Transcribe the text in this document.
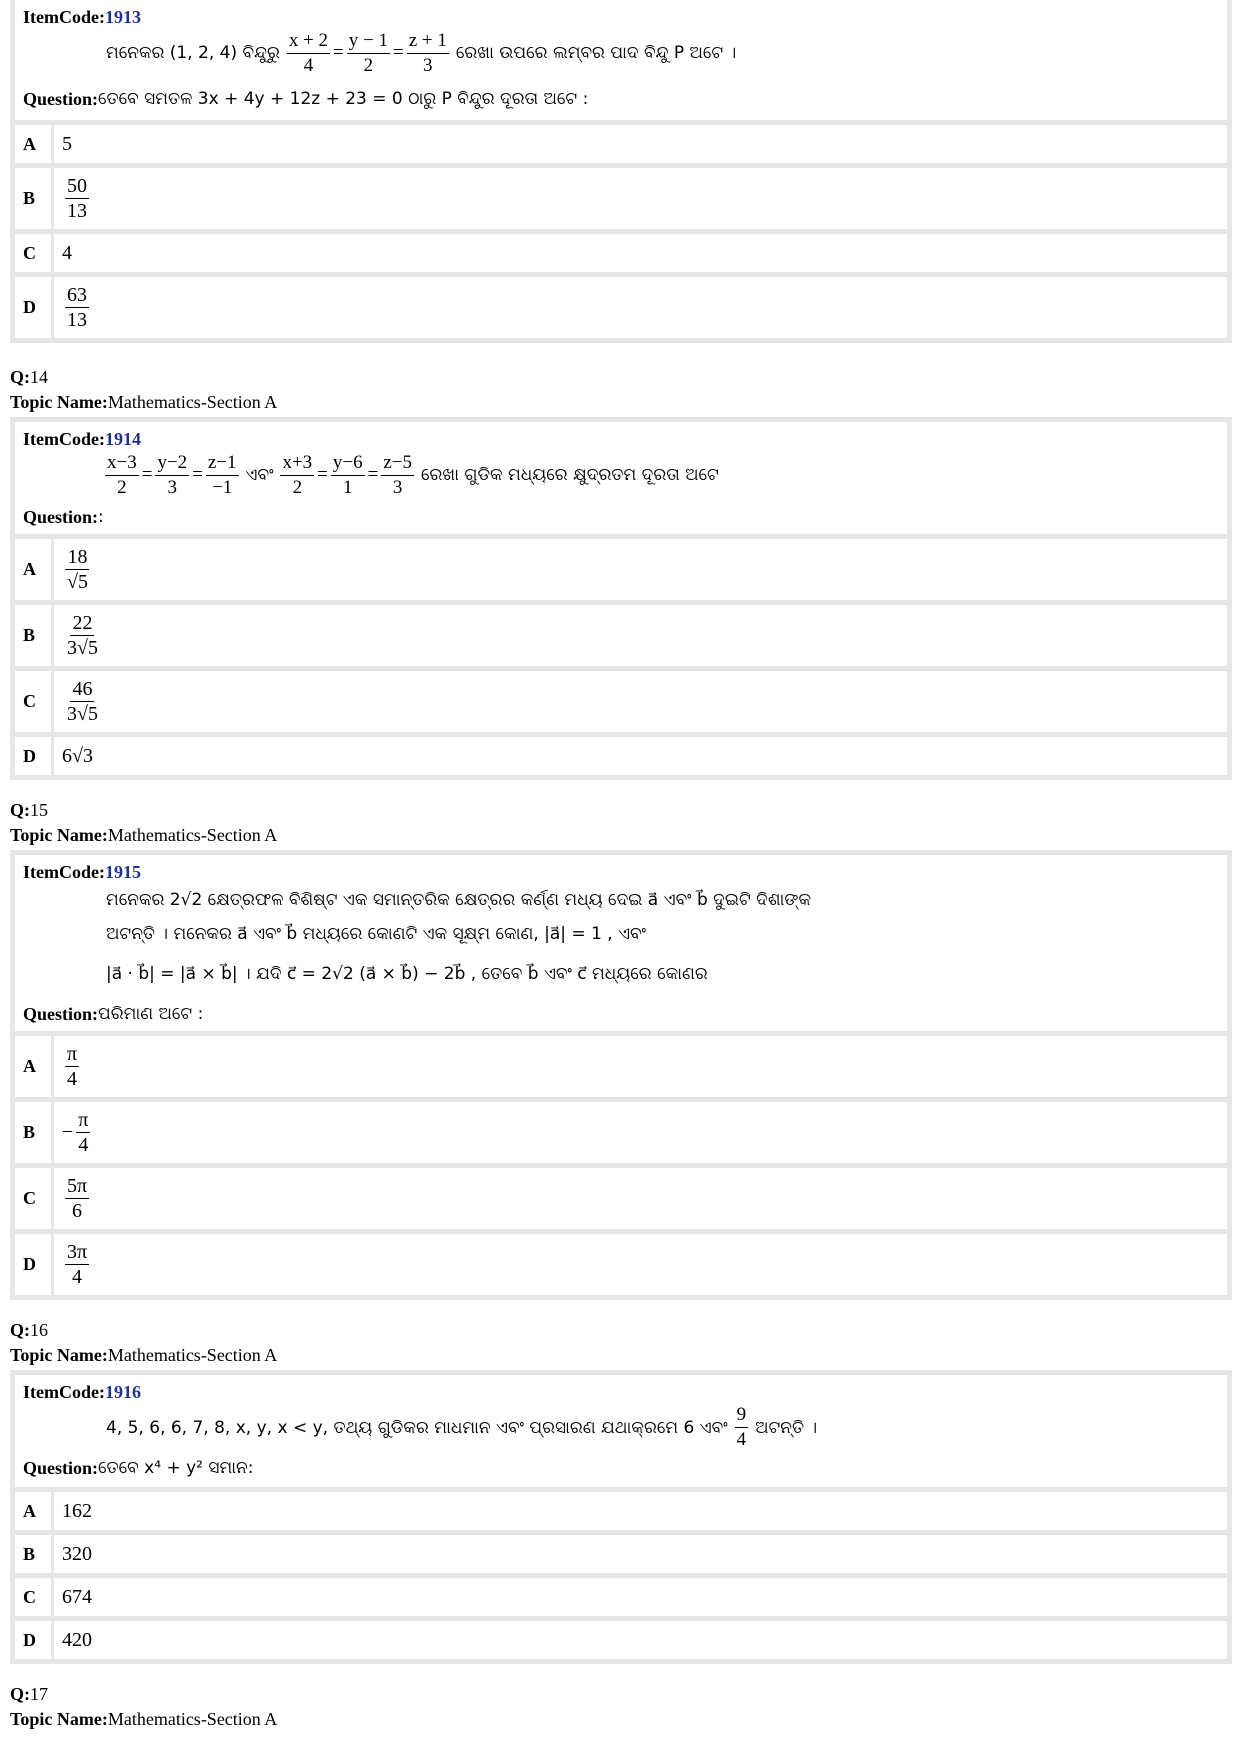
ItemCode:1913
ମନେକର (1, 2, 4) ବିନ୍ଦୁରୁ $\frac{x + 2}{4} = \frac{y - 1}{2} = \frac{z + 1}{3}$ ରେଖା ଉପରେ ଲମ୍ବର ପାଦ ବିନ୍ଦୁ P ଅଟେ ।
Question: ତେବେ ସମତଳ 3x + 4y + 12z + 23 = 0 ଠାରୁ P ବିନ୍ଦୁର ଦୂରତା ଅଟେ :
A	5
B	$\frac{50}{13}$
C	4
D	$\frac{63}{13}$
Q:14
Topic Name:Mathematics-Section A
ItemCode:1914
$\frac{x-3}{2} = \frac{y-2}{3} = \frac{z-1}{-1}$ ଏବଂ $\frac{x+3}{2} = \frac{y-6}{1} = \frac{z-5}{3}$ ରେଖା ଗୁଡିକ ମଧ୍ୟରେ କ୍ଷୁଦ୍ରତମ ଦୂରତା ଅଟେ
Question: :
A	$\frac{18}{√5}$
B	$\frac{22}{3√5}$
C	$\frac{46}{3√5}$
D	6√3
Q:15
Topic Name:Mathematics-Section A
ItemCode:1915
ମନେକର 2√2 କ୍ଷେତ୍ରଫଳ ବିଶିଷ୍ଟ ଏକ ସମାନ୍ତରିକ କ୍ଷେତ୍ରର କର୍ଣ୍ଣ ମଧ୍ୟ ଦେଇ a⃗ ଏବଂ b⃗ ଦୁଇଟି ଦିଶାଙ୍କ
ଅଟନ୍ତି । ମନେକର a⃗ ଏବଂ b⃗ ମଧ୍ୟରେ କୋଣଟି ଏକ ସୂକ୍ଷ୍ମ କୋଣ, |a⃗| = 1 , ଏବଂ
|a⃗ · b⃗| = |a⃗ × b⃗| । ଯଦି c⃗ = 2√2 (a⃗ × b⃗) − 2b⃗ , ତେବେ b⃗ ଏବଂ c⃗ ମଧ୍ୟରେ କୋଣର
Question: ପରିମାଣ ଅଟେ :
A	$\frac{\pi}{4}$
B	− $\frac{\pi}{4}$
C	$\frac{5\pi}{6}$
D	$\frac{3\pi}{4}$
Q:16
Topic Name:Mathematics-Section A
ItemCode:1916
4, 5, 6, 6, 7, 8, x, y, x < y, ତଥ୍ୟ ଗୁଡିକର ମାଧମାନ ଏବଂ ପ୍ରସାରଣ ଯଥାକ୍ରମେ 6 ଏବଂ $\frac{9}{4}$ ଅଟନ୍ତି ।
Question: ତେବେ x⁴ + y² ସମାନ:
A	162
B	320
C	674
D	420
Q:17
Topic Name:Mathematics-Section A
